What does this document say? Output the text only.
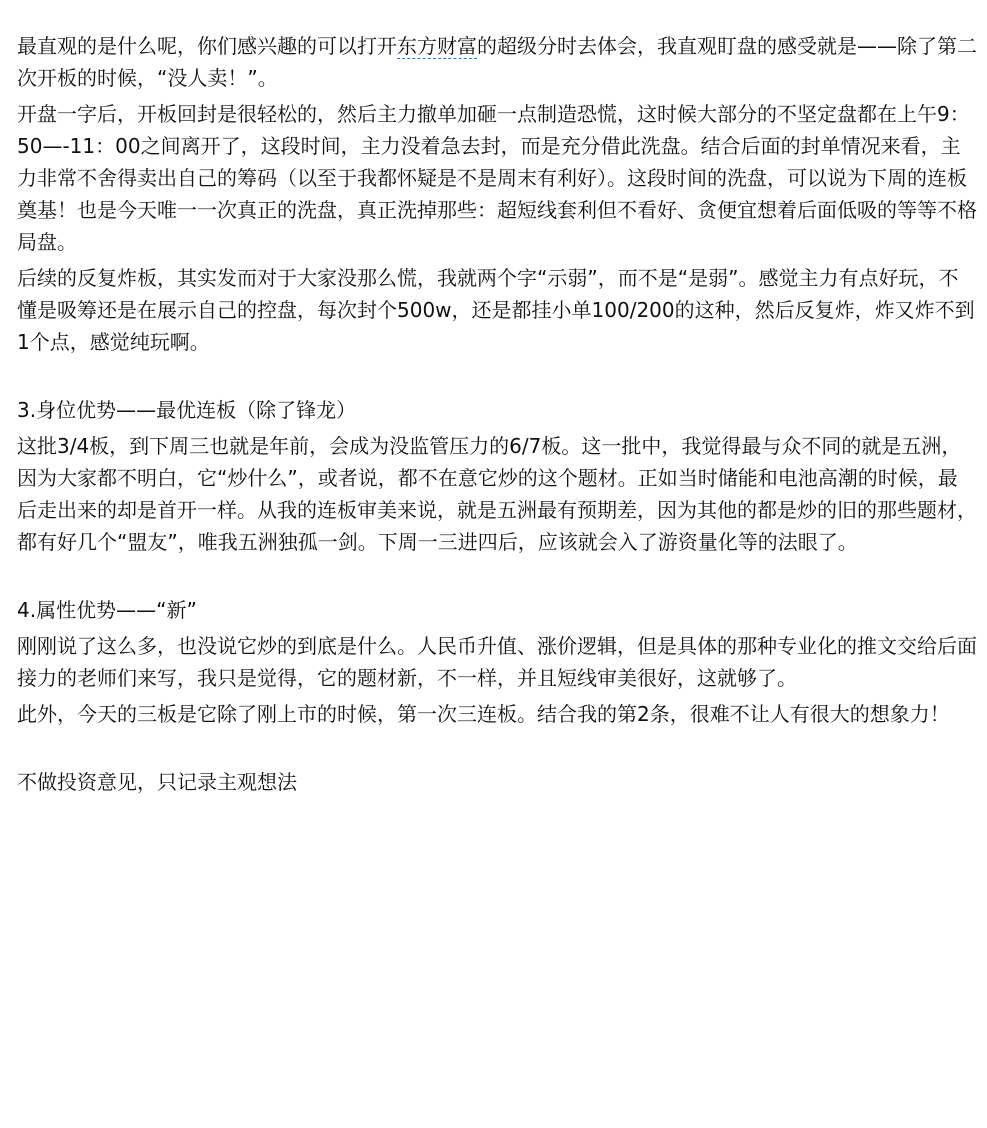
最直观的是什么呢，你们感兴趣的可以打开东方财富的超级分时去体会，我直观盯盘的感受就是——除了第二次开板的时候，“没人卖！”。

开盘一字后，开板回封是很轻松的，然后主力撤单加砸一点制造恐慌，这时候大部分的不坚定盘都在上午9：50—-11：00之间离开了，这段时间，主力没着急去封，而是充分借此洗盘。结合后面的封单情况来看，主力非常不舍得卖出自己的筹码（以至于我都怀疑是不是周末有利好）。这段时间的洗盘，可以说为下周的连板奠基！也是今天唯一一次真正的洗盘，真正洗掉那些：超短线套利但不看好、贪便宜想着后面低吸的等等不格局盘。

后续的反复炸板，其实发而对于大家没那么慌，我就两个字“示弱”，而不是“是弱”。感觉主力有点好玩，不懂是吸筹还是在展示自己的控盘，每次封个500w，还是都挂小单100/200的这种，然后反复炸，炸又炸不到1个点，感觉纯玩啊。

3.身位优势——最优连板（除了锋龙）

这批3/4板，到下周三也就是年前，会成为没监管压力的6/7板。这一批中，我觉得最与众不同的就是五洲，因为大家都不明白，它“炒什么”，或者说，都不在意它炒的这个题材。正如当时储能和电池高潮的时候，最后走出来的却是首开一样。从我的连板审美来说，就是五洲最有预期差，因为其他的都是炒的旧的那些题材，都有好几个“盟友”，唯我五洲独孤一剑。下周一三进四后，应该就会入了游资量化等的法眼了。

4.属性优势——“新”

刚刚说了这么多，也没说它炒的到底是什么。人民币升值、涨价逻辑，但是具体的那种专业化的推文交给后面接力的老师们来写，我只是觉得，它的题材新，不一样，并且短线审美很好，这就够了。

此外，今天的三板是它除了刚上市的时候，第一次三连板。结合我的第2条，很难不让人有很大的想象力！

不做投资意见，只记录主观想法
